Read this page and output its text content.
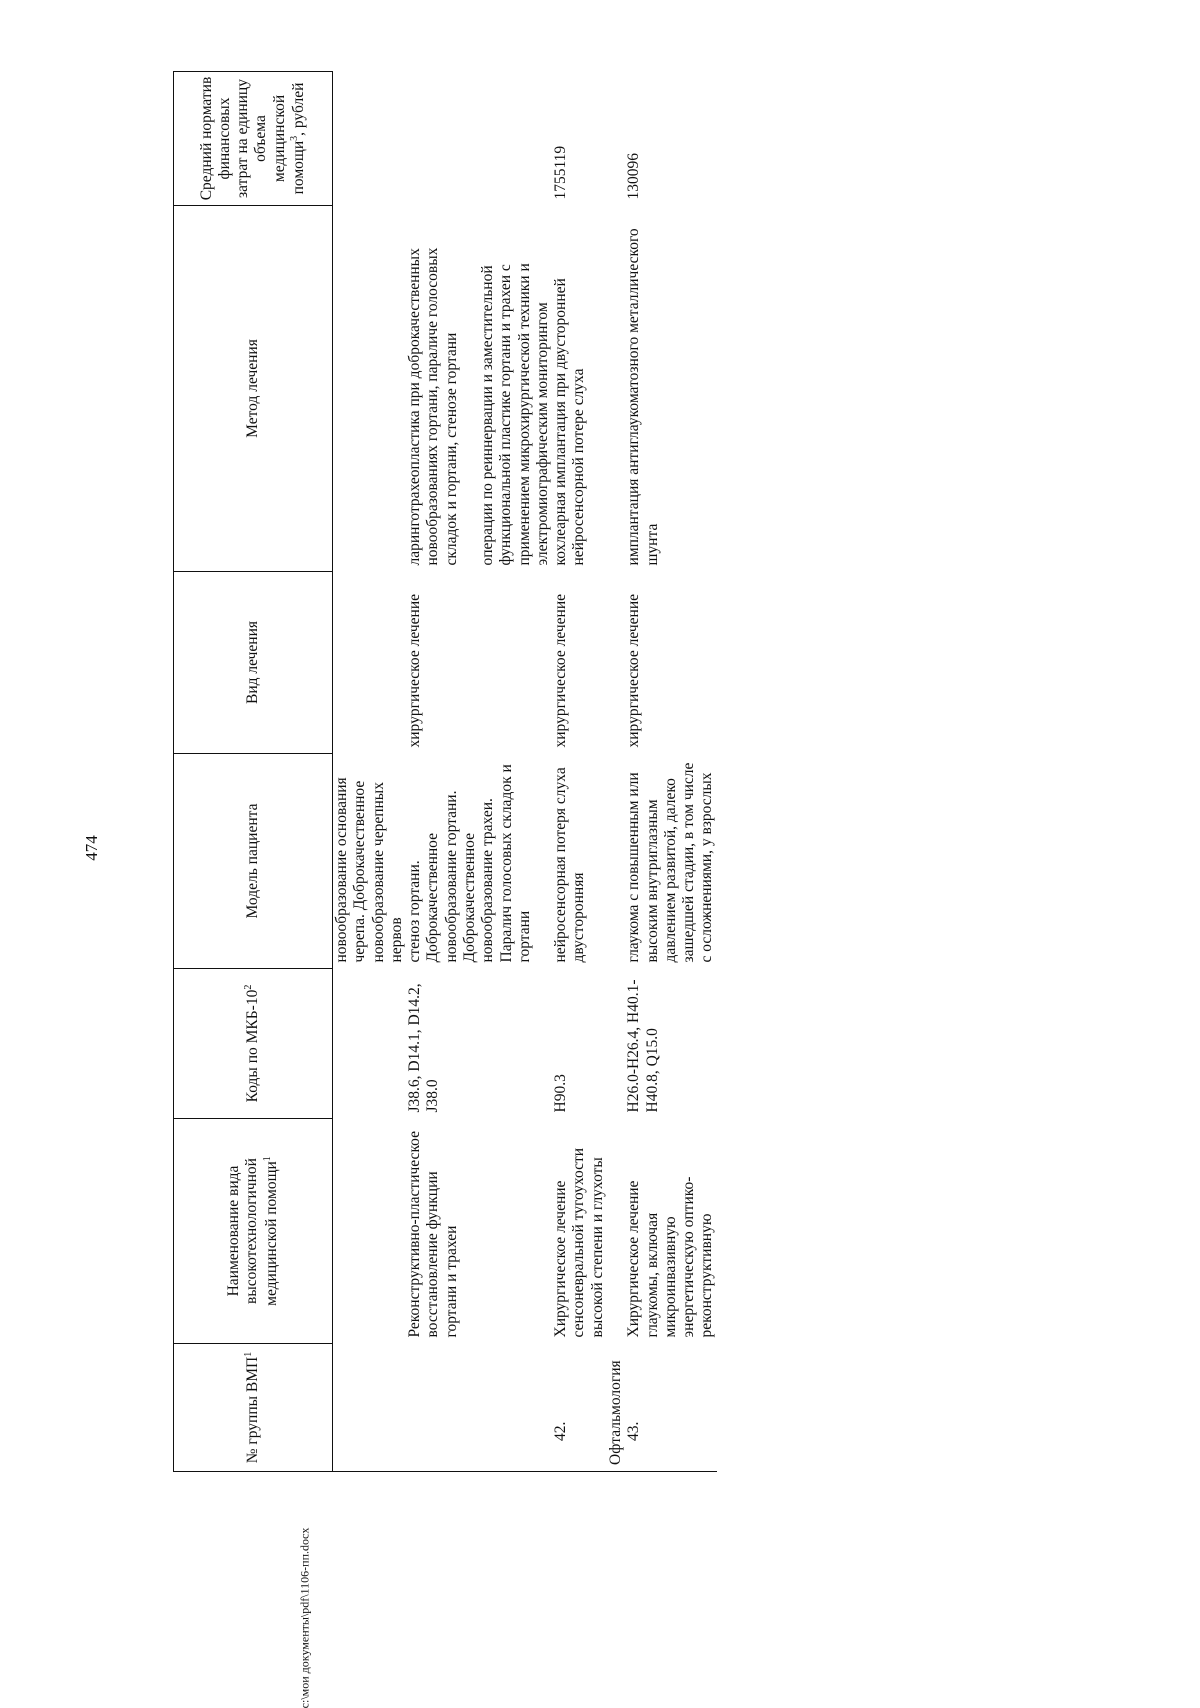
474
№ группы ВМП$^1$	Наименование вида высокотехнологичной медицинской помощи$^1$	Коды по МКБ-$10^2$	Модель пациента	Вид лечения	Метод лечения	Средний норматив финансовых затрат на единицу объема медицинской помощи$^3$, рублей
			новообразование основания черепа. Доброкачественное новообразование черепных нервов			
	Реконструктивно-пластическое восстановление функции гортани и трахеи	J38.6, D14.1, D14.2, J38.0	стеноз гортани. Доброкачественное новообразование гортани. Доброкачественное новообразование трахеи. Паралич голосовых складок и гортани	хирургическое лечение	ларинготрахеопластика при доброкачественных новообразованиях гортани, параличе голосовых складок и гортани, стенозе гортани операции по реиннервации и заместительной функциональной пластике гортани и трахеи с применением микрохирургической техники и электромиографическим мониторингом	
42.	Хирургическое лечение сенсоневральной тугоухости высокой степени и глухоты	H90.3	нейросенсорная потеря слуха двусторонняя	хирургическое лечение	кохлеарная имплантация при двусторонней нейросенсорной потере слуха	1755119
Офтальмология						
43.	Хирургическое лечение глаукомы, включая микроинвазивную энергетическую оптико-реконструктивную	H26.0-H26.4, H40.1- H40.8, Q15.0	глаукома с повышенным или высоким внутриглазным давлением развитой, далеко зашедшей стадии, в том числе с осложнениями, у взрослых	хирургическое лечение	имплантация антиглаукоматозного металлического шунта	130096
c:\мои документы\pdf\1106-пп.docx
